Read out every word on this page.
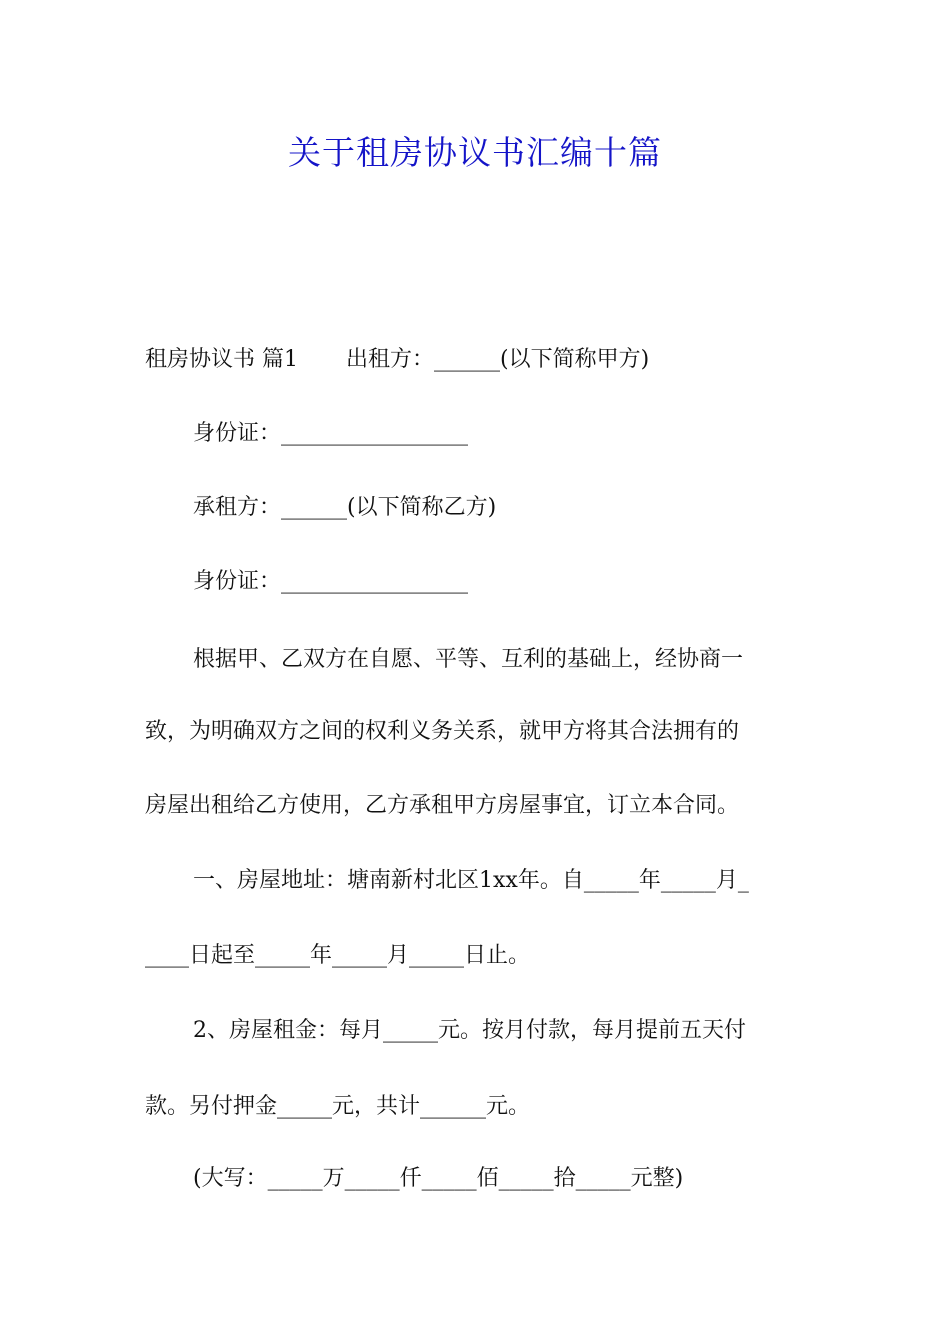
关于租房协议书汇编十篇
租房协议书 篇1 出租方：______(以下简称甲方)
身份证：_________________
承租方：______(以下简称乙方)
身份证：_________________
根据甲、乙双方在自愿、平等、互利的基础上，经协商一
致，为明确双方之间的权利义务关系，就甲方将其合法拥有的
房屋出租给乙方使用，乙方承租甲方房屋事宜，订立本合同。
一、房屋地址：塘南新村北区1xx年。自_____年_____月_
____日起至_____年_____月_____日止。
2、房屋租金：每月_____元。按月付款，每月提前五天付
款。另付押金_____元，共计______元。
(大写：_____万_____仟_____佰_____拾_____元整)
